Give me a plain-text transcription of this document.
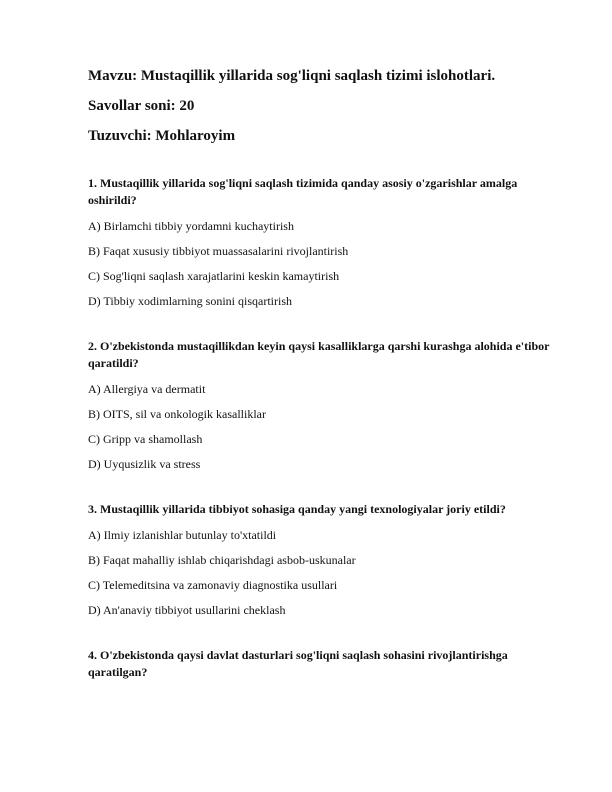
Mavzu: Mustaqillik yillarida sog'liqni saqlash tizimi islohotlari.

Savollar soni: 20

Tuzuvchi: Mohlaroyim

1. Mustaqillik yillarida sog'liqni saqlash tizimida qanday asosiy o'zgarishlar amalga oshirildi?

A) Birlamchi tibbiy yordamni kuchaytirish

B) Faqat xususiy tibbiyot muassasalarini rivojlantirish

C) Sog'liqni saqlash xarajatlarini keskin kamaytirish

D) Tibbiy xodimlarning sonini qisqartirish

2. O'zbekistonda mustaqillikdan keyin qaysi kasalliklarga qarshi kurashga alohida e'tibor qaratildi?

A) Allergiya va dermatit

B) OITS, sil va onkologik kasalliklar

C) Gripp va shamollash

D) Uyqusizlik va stress

3. Mustaqillik yillarida tibbiyot sohasiga qanday yangi texnologiyalar joriy etildi?

A) Ilmiy izlanishlar butunlay to'xtatildi

B) Faqat mahalliy ishlab chiqarishdagi asbob-uskunalar

C) Telemeditsina va zamonaviy diagnostika usullari

D) An'anaviy tibbiyot usullarini cheklash

4. O'zbekistonda qaysi davlat dasturlari sog'liqni saqlash sohasini rivojlantirishga qaratilgan?
